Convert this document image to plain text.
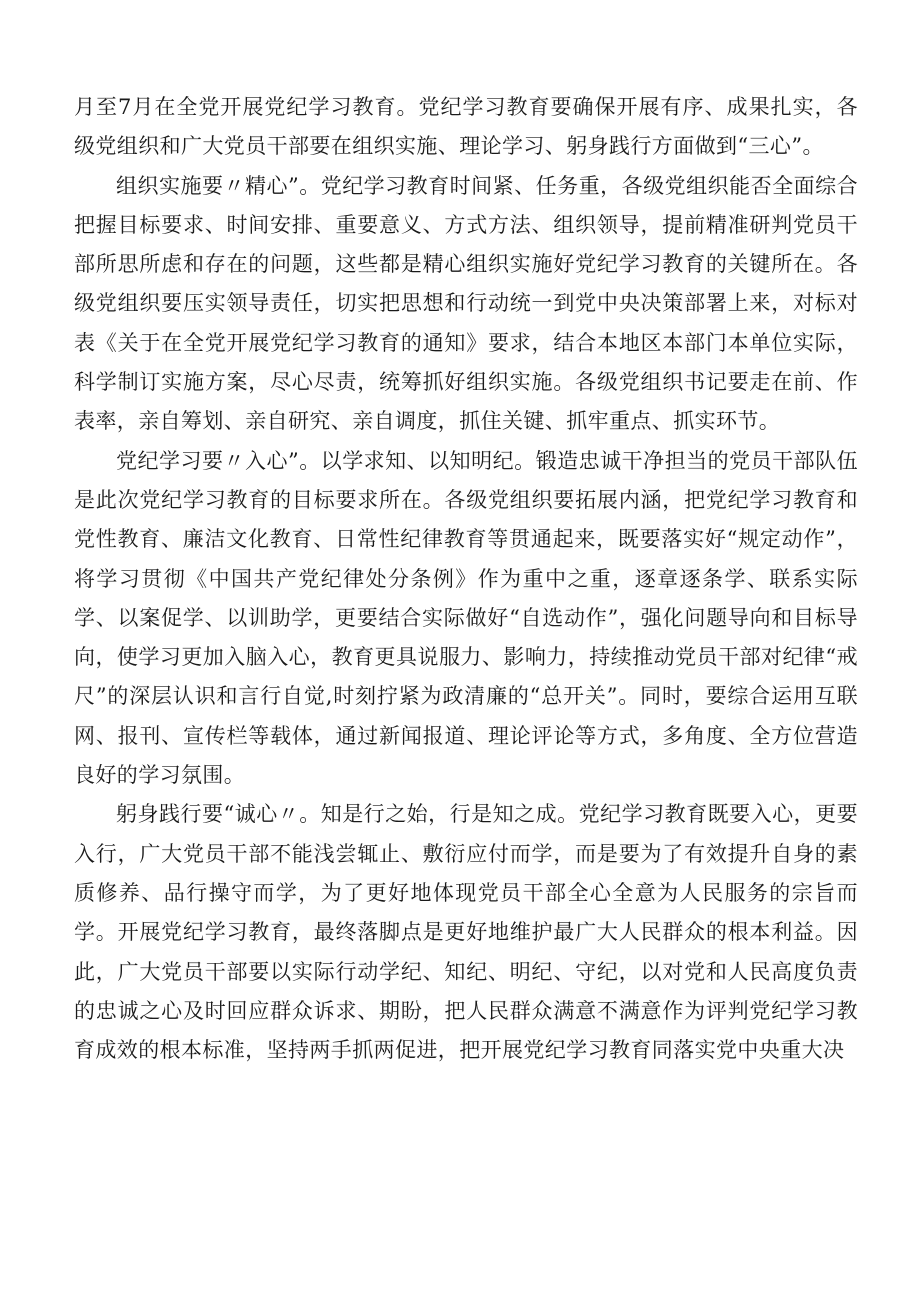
月至7月在全党开展党纪学习教育。党纪学习教育要确保开展有序、成果扎实，各级党组织和广大党员干部要在组织实施、理论学习、躬身践行方面做到“三心”。

组织实施要〃精心”。党纪学习教育时间紧、任务重，各级党组织能否全面综合把握目标要求、时间安排、重要意义、方式方法、组织领导，提前精准研判党员干部所思所虑和存在的问题，这些都是精心组织实施好党纪学习教育的关键所在。各级党组织要压实领导责任，切实把思想和行动统一到党中央决策部署上来，对标对表《关于在全党开展党纪学习教育的通知》要求，结合本地区本部门本单位实际，科学制订实施方案，尽心尽责，统筹抓好组织实施。各级党组织书记要走在前、作表率，亲自筹划、亲自研究、亲自调度，抓住关键、抓牢重点、抓实环节。

党纪学习要〃入心”。以学求知、以知明纪。锻造忠诚干净担当的党员干部队伍是此次党纪学习教育的目标要求所在。各级党组织要拓展内涵，把党纪学习教育和党性教育、廉洁文化教育、日常性纪律教育等贯通起来，既要落实好“规定动作”，将学习贯彻《中国共产党纪律处分条例》作为重中之重，逐章逐条学、联系实际学、以案促学、以训助学，更要结合实际做好“自选动作”，强化问题导向和目标导向，使学习更加入脑入心，教育更具说服力、影响力，持续推动党员干部对纪律“戒尺”的深层认识和言行自觉,时刻拧紧为政清廉的“总开关”。同时，要综合运用互联网、报刊、宣传栏等载体，通过新闻报道、理论评论等方式，多角度、全方位营造良好的学习氛围。

躬身践行要“诚心〃。知是行之始，行是知之成。党纪学习教育既要入心，更要入行，广大党员干部不能浅尝辄止、敷衍应付而学，而是要为了有效提升自身的素质修养、品行操守而学，为了更好地体现党员干部全心全意为人民服务的宗旨而学。开展党纪学习教育，最终落脚点是更好地维护最广大人民群众的根本利益。因此，广大党员干部要以实际行动学纪、知纪、明纪、守纪，以对党和人民高度负责的忠诚之心及时回应群众诉求、期盼，把人民群众满意不满意作为评判党纪学习教育成效的根本标准，坚持两手抓两促进，把开展党纪学习教育同落实党中央重大决
